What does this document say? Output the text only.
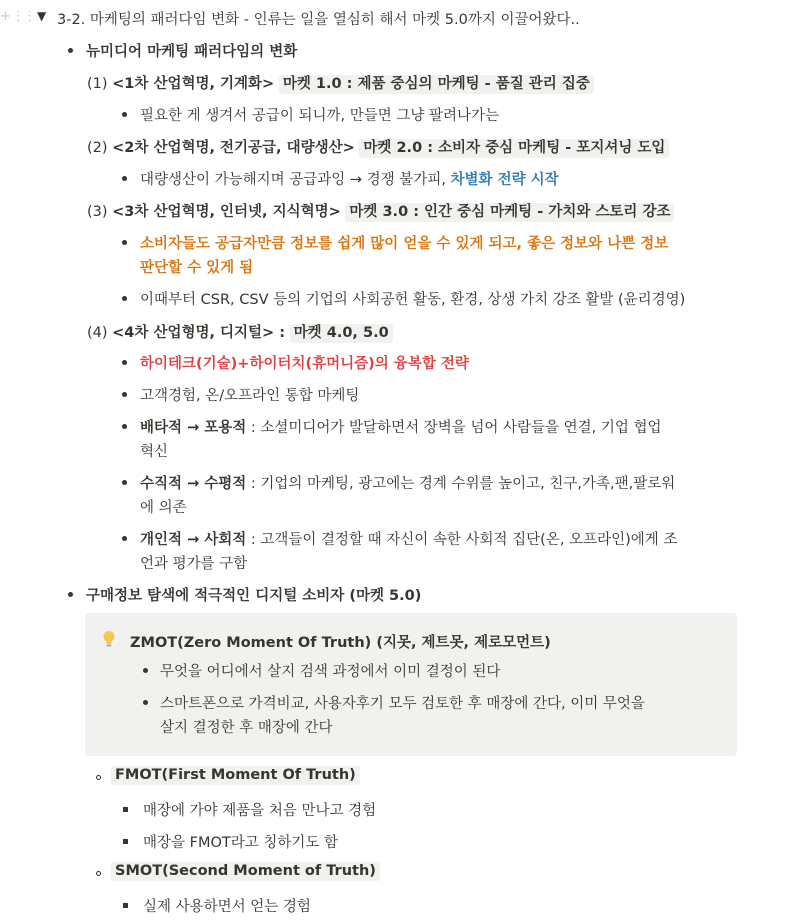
+ ⋮⋮ ▼ 3-2. 마케팅의 패러다임 변화 - 인류는 일을 열심히 해서 마켓 5.0까지 이끌어왔다..
뉴미디어 마케팅 패러다임의 변화
(1) <1차 산업혁명, 기계화> 마켓 1.0 : 제품 중심의 마케팅 - 품질 관리 집중
필요한 게 생겨서 공급이 되니까, 만들면 그냥 팔려나가는
(2) <2차 산업혁명, 전기공급, 대량생산> 마켓 2.0 : 소비자 중심 마케팅 - 포지셔닝 도입
대량생산이 가능해지며 공급과잉 → 경쟁 불가피, 차별화 전략 시작
(3) <3차 산업혁명, 인터넷, 지식혁명> 마켓 3.0 : 인간 중심 마케팅 - 가치와 스토리 강조
소비자들도 공급자만큼 정보를 쉽게 많이 얻을 수 있게 되고, 좋은 정보와 나쁜 정보
판단할 수 있게 됨
이때부터 CSR, CSV 등의 기업의 사회공헌 활동, 환경, 상생 가치 강조 활발 (윤리경영)
(4) <4차 산업형명, 디지털> : 마켓 4.0, 5.0
하이테크(기술)+하이터치(휴머니즘)의 융복합 전략
고객경험, 온/오프라인 통합 마케팅
배타적 → 포용적 : 소셜미디어가 발달하면서 장벽을 넘어 사람들을 연결, 기업 협업
혁신
수직적 → 수평적 : 기업의 마케팅, 광고에는 경계 수위를 높이고, 친구,가족,팬,팔로워
에 의존
개인적 → 사회적 : 고객들이 결정할 때 자신이 속한 사회적 집단(온, 오프라인)에게 조
언과 평가를 구함
구매정보 탐색에 적극적인 디지털 소비자 (마켓 5.0)
ZMOT(Zero Moment Of Truth) (지못, 제트못, 제로모먼트)
무엇을 어디에서 살지 검색 과정에서 이미 결정이 된다
스마트폰으로 가격비교, 사용자후기 모두 검토한 후 매장에 간다, 이미 무엇을
살지 결정한 후 매장에 간다
FMOT(First Moment Of Truth)
매장에 가야 제품을 처음 만나고 경험
매장을 FMOT라고 칭하기도 함
SMOT(Second Moment of Truth)
실제 사용하면서 얻는 경험
